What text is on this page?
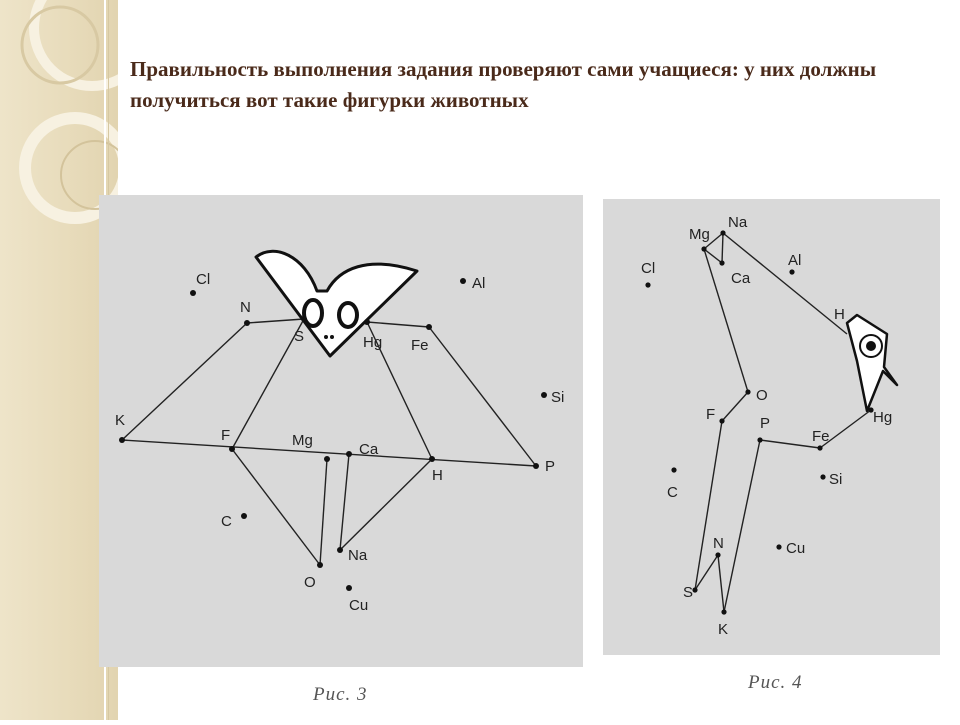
Правильность выполнения задания проверяют сами учащиеся: у них должны получиться вот такие фигурки животных
Cl
N
S	Hg Fe
Al
Si
K
F	Mg
Ca
H
P
C
Na
O
Cu
Рис. 3
Mg
Na
Ca
Al
Cl
H
O
F
P
Fe
Hg
Si
C
N
S
Cu
K
Рис. 4
